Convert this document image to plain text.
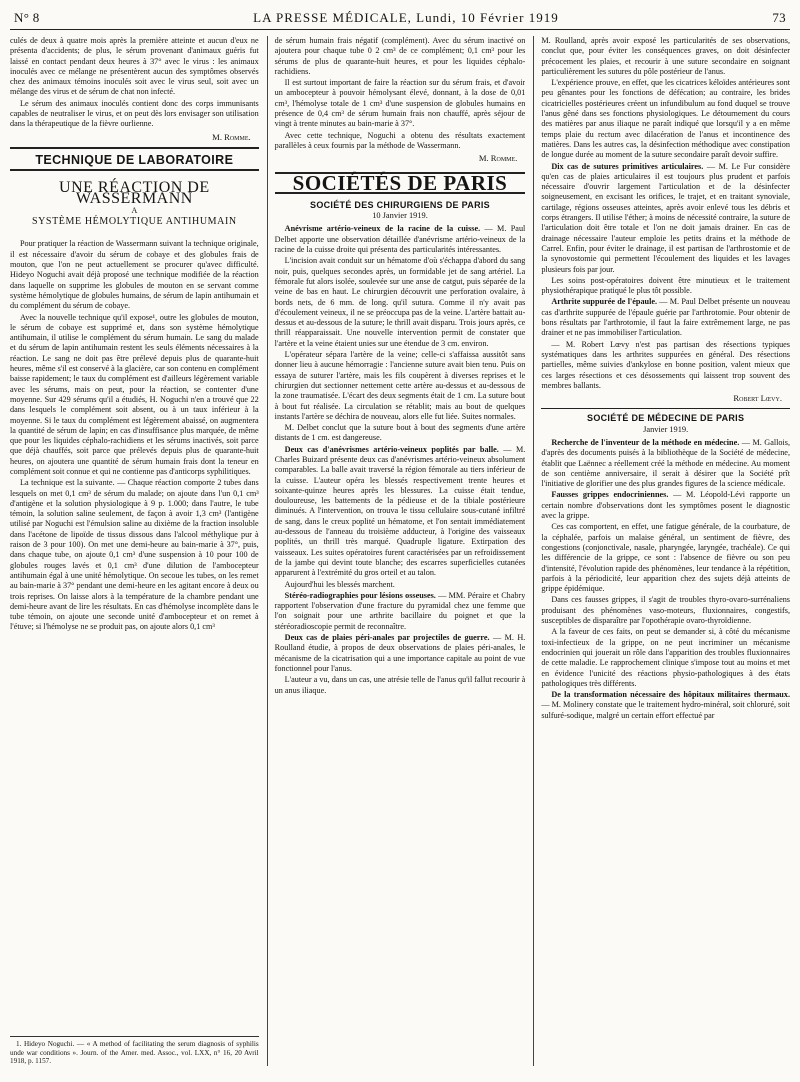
N° 8	LA PRESSE MÉDICALE, Lundi, 10 Février 1919	73

culés de deux à quatre mois après la première atteinte et aucun d'eux ne présenta d'accidents; de plus, le sérum provenant d'animaux guéris fut laissé en contact pendant deux heures à 37° avec le virus : les animaux inoculés avec ce mélange ne présentèrent aucun des symptômes observés chez des animaux témoins inoculés soit avec le virus seul, soit avec un mélange des virus et de sérum de chat non infecté.

Le sérum des animaux inoculés contient donc des corps immunisants capables de neutraliser le virus, et on peut dès lors envisager son utilisation dans la thérapeutique de la fièvre ourlienne.

M. Romme.
TECHNIQUE DE LABORATOIRE
UNE RÉACTION DE WASSERMANN
A
SYSTÈME HÉMOLYTIQUE ANTIHUMAIN

Pour pratiquer la réaction de Wassermann suivant la technique originale, il est nécessaire d'avoir du sérum de cobaye et des globules frais de mouton, que l'on ne peut actuellement se procurer qu'avec difficulté. Hideyo Noguchi avait déjà proposé une technique modifiée de la réaction dans laquelle on supprime les globules de mouton en se servant comme système hémolytique de globules humains, de sérum de lapin antihumain et du complément du sérum de cobaye.

Avec la nouvelle technique qu'il expose¹, outre les globules de mouton, le sérum de cobaye est supprimé et, dans son système hémolytique antihumain, il utilise le complément du sérum humain. Le sang du malade et du sérum de lapin antihumain restent les seuls éléments nécessaires à la réaction. Le sang ne doit pas être prélevé depuis plus de quarante-huit heures, même s'il est conservé à la glacière, car son contenu en complément baisse rapidement; le taux du complément est d'ailleurs légèrement variable avec les sérums, mais on peut, pour la réaction, se contenter d'une moyenne. Sur 429 sérums qu'il a étudiés, H. Noguchi n'en a trouvé que 22 dans lesquels le complément soit absent, ou à un taux inférieur à la moyenne. Si le taux du complément est légèrement abaissé, on augmentera la quantité de sérum de lapin; en cas d'insuffisance plus marquée, de même que pour les liquides céphalo-rachidiens et les sérums inactivés, soit parce que déjà chauffés, soit parce que prélevés depuis plus de quarante-huit heures, on ajoutera une quantité de sérum humain frais dont la teneur en complément soit connue et qui ne contienne pas d'anticorps syphilitiques.

La technique est la suivante. — Chaque réaction comporte 2 tubes dans lesquels on met 0,1 cm³ de sérum du malade; on ajoute dans l'un 0,1 cm³ d'antigène et la solution physiologique à 9 p. 1.000; dans l'autre, le tube témoin, la solution saline seulement, de façon à avoir 1,3 cm³ (l'antigène utilisé par Noguchi est l'émulsion saline au dixième de la fraction insoluble dans l'acétone de lipoïde de tissus dissous dans l'alcool méthylique pur à raison de 3 pour 100). On met une demi-heure au bain-marie à 37°, puis, dans chaque tube, on ajoute 0,1 cm³ d'une suspension à 10 pour 100 de globules rouges lavés et 0,1 cm³ d'une dilution de l'ambocepteur antihumain égal à une unité hémolytique. On secoue les tubes, on les remet au bain-marie à 37° pendant une demi-heure en les agitant encore à deux ou trois reprises. On laisse alors à la température de la chambre pendant une demi-heure avant de lire les résultats. En cas d'hémolyse incomplète dans le tube témoin, on ajoute une seconde unité d'ambocepteur et on remet à l'étuve; si l'hémolyse ne se produit pas, on ajoute alors 0,1 cm³

1. Hideyo Noguchi. — « A method of facilitating the serum diagnosis of syphilis unde war conditions ». Journ. of the Amer. med. Assoc., vol. LXX, n° 16, 20 Avril 1918, p. 1157.

de sérum humain frais négatif (complément). Avec du sérum inactivé on ajoutera pour chaque tube 0 2 cm³ de ce complément; 0,1 cm³ pour les sérums de plus de quarante-huit heures, et pour les liquides céphalo-rachidiens.

Il est surtout important de faire la réaction sur du sérum frais, et d'avoir un ambocepteur à pouvoir hémolysant élevé, donnant, à la dose de 0,01 cm³, l'hémolyse totale de 1 cm³ d'une suspension de globules humains en présence de 0,4 cm³ de sérum humain frais non chauffé, après séjour de vingt à trente minutes au bain-marie à 37°.

Avec cette technique, Noguchi a obtenu des résultats exactement parallèles à ceux fournis par la méthode de Wassermann.

M. Romme.
SOCIÉTÉS DE PARIS
SOCIÉTÉ DES CHIRURGIENS DE PARIS
10 Janvier 1919.

Anévrisme artério-veineux de la racine de la cuisse. — M. Paul Delbet apporte une observation détaillée d'anévrisme artério-veineux de la racine de la cuisse droite qui présenta des particularités intéressantes.

L'incision avait conduit sur un hématome d'où s'échappa d'abord du sang noir, puis, quelques secondes après, un formidable jet de sang artériel. La fémorale fut alors isolée, soulevée sur une anse de catgut, puis séparée de la veine de bas en haut. Le chirurgien découvrit une perforation ovalaire, à bords nets, de 6 mm. de long. qu'il sutura. Comme il n'y avait pas d'écoulement veineux, il ne se préoccupa pas de la veine. L'artère battait au-dessus et au-dessous de la suture; le thrill avait disparu. Trois jours après, ce thrill réapparaissait. Une nouvelle intervention permit de constater que l'artère et la veine étaient unies sur une étendue de 3 cm. environ.

L'opérateur sépara l'artère de la veine; celle-ci s'affaissa aussitôt sans donner lieu à aucune hémorragie : l'ancienne suture avait bien tenu. Puis on essaya de suturer l'artère, mais les fils coupèrent à diverses reprises et le chirurgien dut sectionner nettement cette artère au-dessus et au-dessous de la zone traumatisée. L'écart des deux segments était de 1 cm. La suture bout à bout fut réalisée. La circulation se rétablit; mais au bout de quelques instants l'artère se déchira de nouveau, alors elle fut liée. Suites normales.

M. Delbet conclut que la suture bout à bout des segments d'une artère distants de 1 cm. est dangereuse.

Deux cas d'anévrismes artério-veineux poplités par balle. — M. Charles Buizard présente deux cas d'anévrismes artério-veineux absolument comparables. La balle avait traversé la région fémorale au tiers inférieur de la cuisse. L'auteur opéra les blessés respectivement trente heures et soixante-quinze heures après les blessures. La cuisse était tendue, douloureuse, les battements de la pédieuse et de la tibiale postérieure diminués. A l'intervention, on trouva le tissu cellulaire sous-cutané infiltré de sang, dans le creux poplité un hématome, et l'on sentait immédiatement au-dessous de l'anneau du troisième adducteur, à l'origine des vaisseaux poplités, un thrill très marqué. Quadruple ligature. Extirpation des vaisseaux. Les suites opératoires furent caractérisées par un refroidissement de la jambe qui devint toute blanche; des escarres superficielles cutanées apparurent à l'extrémité du gros orteil et au talon.

Aujourd'hui les blessés marchent.

Stéréo-radiographies pour lésions osseuses. — MM. Péraire et Chabry rapportent l'observation d'une fracture du pyramidal chez une femme que l'on soignait pour une arthrite bacillaire du poignet et que la stéréoradioscopie permit de reconnaître.

Deux cas de plaies péri-anales par projectiles de guerre. — M. H. Roulland étudie, à propos de deux observations de plaies péri-anales, le mécanisme de la cicatrisation qui a une importance capitale au point de vue fonctionnel pour l'anus.

L'auteur a vu, dans un cas, une atrésie telle de l'anus qu'il fallut recourir à un anus iliaque.

M. Roulland, après avoir exposé les particularités de ses observations, conclut que, pour éviter les conséquences graves, on doit désinfecter précocement les plaies, et recourir à une suture secondaire en soignant particulièrement les sutures du pôle postérieur de l'anus.

L'expérience prouve, en effet, que les cicatrices kéloïdes antérieures sont peu gênantes pour les fonctions de défécation; au contraire, les brides cicatricielles postérieures créent un infundibulum au fond duquel se trouve l'anus gêné dans ses fonctions physiologiques. Le détournement du cours des matières par anus iliaque ne paraît indiqué que lorsqu'il y a en même temps plaie du rectum avec dilacération de l'anus et incontinence des matières. Dans les autres cas, la désinfection méthodique avec constipation de longue durée au moment de la suture secondaire paraît devoir suffire.

Dix cas de sutures primitives articulaires. — M. Le Fur considère qu'en cas de plaies articulaires il est toujours plus prudent et parfois nécessaire d'ouvrir largement l'articulation et de la désinfecter soigneusement, en excisant les orifices, le trajet, et en traitant synoviale, cartilage, régions osseuses atteintes, après avoir enlevé tous les débris et corps étrangers. Il utilise l'éther; à moins de nécessité contraire, la suture de l'articulation doit être totale et l'on ne doit jamais drainer. En cas de drainage nécessaire l'auteur emploie les petits drains et la méthode de Carrel. Enfin, pour éviter le drainage, il est partisan de l'arthrostomie et de la synovostomie qui permettent l'écoulement des liquides et les lavages plusieurs fois par jour.

Les soins post-opératoires doivent être minutieux et le traitement physiothérapique pratiqué le plus tôt possible.

Arthrite suppurée de l'épaule. — M. Paul Delbet présente un nouveau cas d'arthrite suppurée de l'épaule guérie par l'arthrotomie. Pour obtenir de bons résultats par l'arthrotomie, il faut la faire extrêmement large, ne pas drainer et ne pas immobiliser l'articulation.

— M. Robert Lœvy n'est pas partisan des résections typiques systématiques dans les arthrites suppurées en général. Des résections partielles, même suivies d'ankylose en bonne position, valent mieux que ces larges résections et ces désossements qui laissent trop souvent des membres ballants.

Robert Lœvy.
SOCIÉTÉ DE MÉDECINE DE PARIS
Janvier 1919.

Recherche de l'inventeur de la méthode en médecine. — M. Gallois, d'après des documents puisés à la bibliothèque de la Société de médecine, établit que Laënnec a réellement créé la méthode en médecine. Au moment de son centième anniversaire, il serait à désirer que la Société prît l'initiative de glorifier une des plus grandes figures de la science médicale.

Fausses grippes endocriniennes. — M. Léopold-Lévi rapporte un certain nombre d'observations dont les symptômes posent le diagnostic avec la grippe.

Ces cas comportent, en effet, une fatigue générale, de la courbature, de la céphalée, parfois un malaise général, un sentiment de fièvre, des congestions (conjonctivale, nasale, pharyngée, laryngée, trachéale). Ce qui les différencie de la grippe, ce sont : l'absence de fièvre ou son peu d'intensité, l'évolution rapide des phénomènes, leur tendance à la répétition, parfois à la périodicité, leur apparition chez des sujets déjà atteints de grippe épidémique.

Dans ces fausses grippes, il s'agit de troubles thyro-ovaro-surrénaliens produisant des phénomènes vaso-moteurs, fluxionnaires, congestifs, susceptibles de disparaître par l'opothérapie ovaro-thyroïdienne.

A la faveur de ces faits, on peut se demander si, à côté du mécanisme toxi-infectieux de la grippe, on ne peut incriminer un mécanisme endocrinien qui jouerait un rôle dans l'apparition des troubles fluxionnaires de cette maladie. Le rapprochement clinique s'impose tout au moins et met en évidence l'unicité des réactions physio-pathologiques à des états pathologiques très différents.

De la transformation nécessaire des hôpitaux militaires thermaux. — M. Molinery constate que le traitement hydro-minéral, soit chloruré, soit sulfuré-sodique, malgré un certain effort effectué par
